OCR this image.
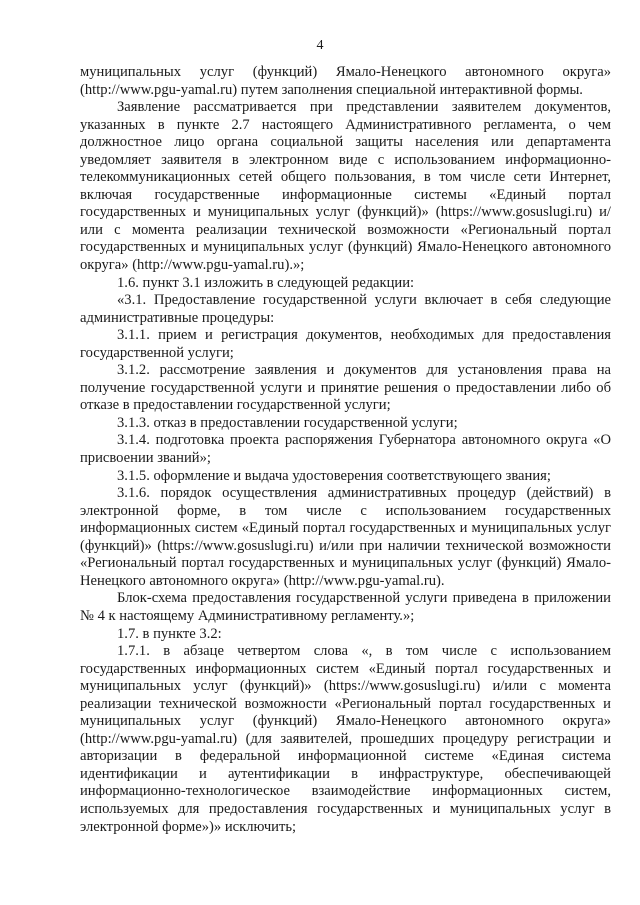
4

муниципальных услуг (функций) Ямало-Ненецкого автономного округа» (http://www.pgu-yamal.ru) путем заполнения специальной интерактивной формы.

Заявление рассматривается при представлении заявителем документов, указанных в пункте 2.7 настоящего Административного регламента, о чем должностное лицо органа социальной защиты населения или департамента уведомляет заявителя в электронном виде с использованием информационно-телекоммуникационных сетей общего пользования, в том числе сети Интернет, включая государственные информационные системы «Единый портал государственных и муниципальных услуг (функций)» (https://www.gosuslugi.ru) и/или с момента реализации технической возможности «Региональный портал государственных и муниципальных услуг (функций) Ямало-Ненецкого автономного округа» (http://www.pgu-yamal.ru).»;

1.6. пункт 3.1 изложить в следующей редакции:

«3.1. Предоставление государственной услуги включает в себя следующие административные процедуры:

3.1.1. прием и регистрация документов, необходимых для предоставления государственной услуги;

3.1.2. рассмотрение заявления и документов для установления права на получение государственной услуги и принятие решения о предоставлении либо об отказе в предоставлении государственной услуги;

3.1.3. отказ в предоставлении государственной услуги;

3.1.4. подготовка проекта распоряжения Губернатора автономного округа «О присвоении званий»;

3.1.5. оформление и выдача удостоверения соответствующего звания;

3.1.6. порядок осуществления административных процедур (действий) в электронной форме, в том числе с использованием государственных информационных систем «Единый портал государственных и муниципальных услуг (функций)» (https://www.gosuslugi.ru) и/или при наличии технической возможности «Региональный портал государственных и муниципальных услуг (функций) Ямало-Ненецкого автономного округа» (http://www.pgu-yamal.ru).

Блок-схема предоставления государственной услуги приведена в приложении № 4 к настоящему Административному регламенту.»;

1.7. в пункте 3.2:

1.7.1. в абзаце четвертом слова «, в том числе с использованием государственных информационных систем «Единый портал государственных и муниципальных услуг (функций)» (https://www.gosuslugi.ru) и/или с момента реализации технической возможности «Региональный портал государственных и муниципальных услуг (функций) Ямало-Ненецкого автономного округа» (http://www.pgu-yamal.ru) (для заявителей, прошедших процедуру регистрации и авторизации в федеральной информационной системе «Единая система идентификации и аутентификации в инфраструктуре, обеспечивающей информационно-технологическое взаимодействие информационных систем, используемых для предоставления государственных и муниципальных услуг в электронной форме»)» исключить;
